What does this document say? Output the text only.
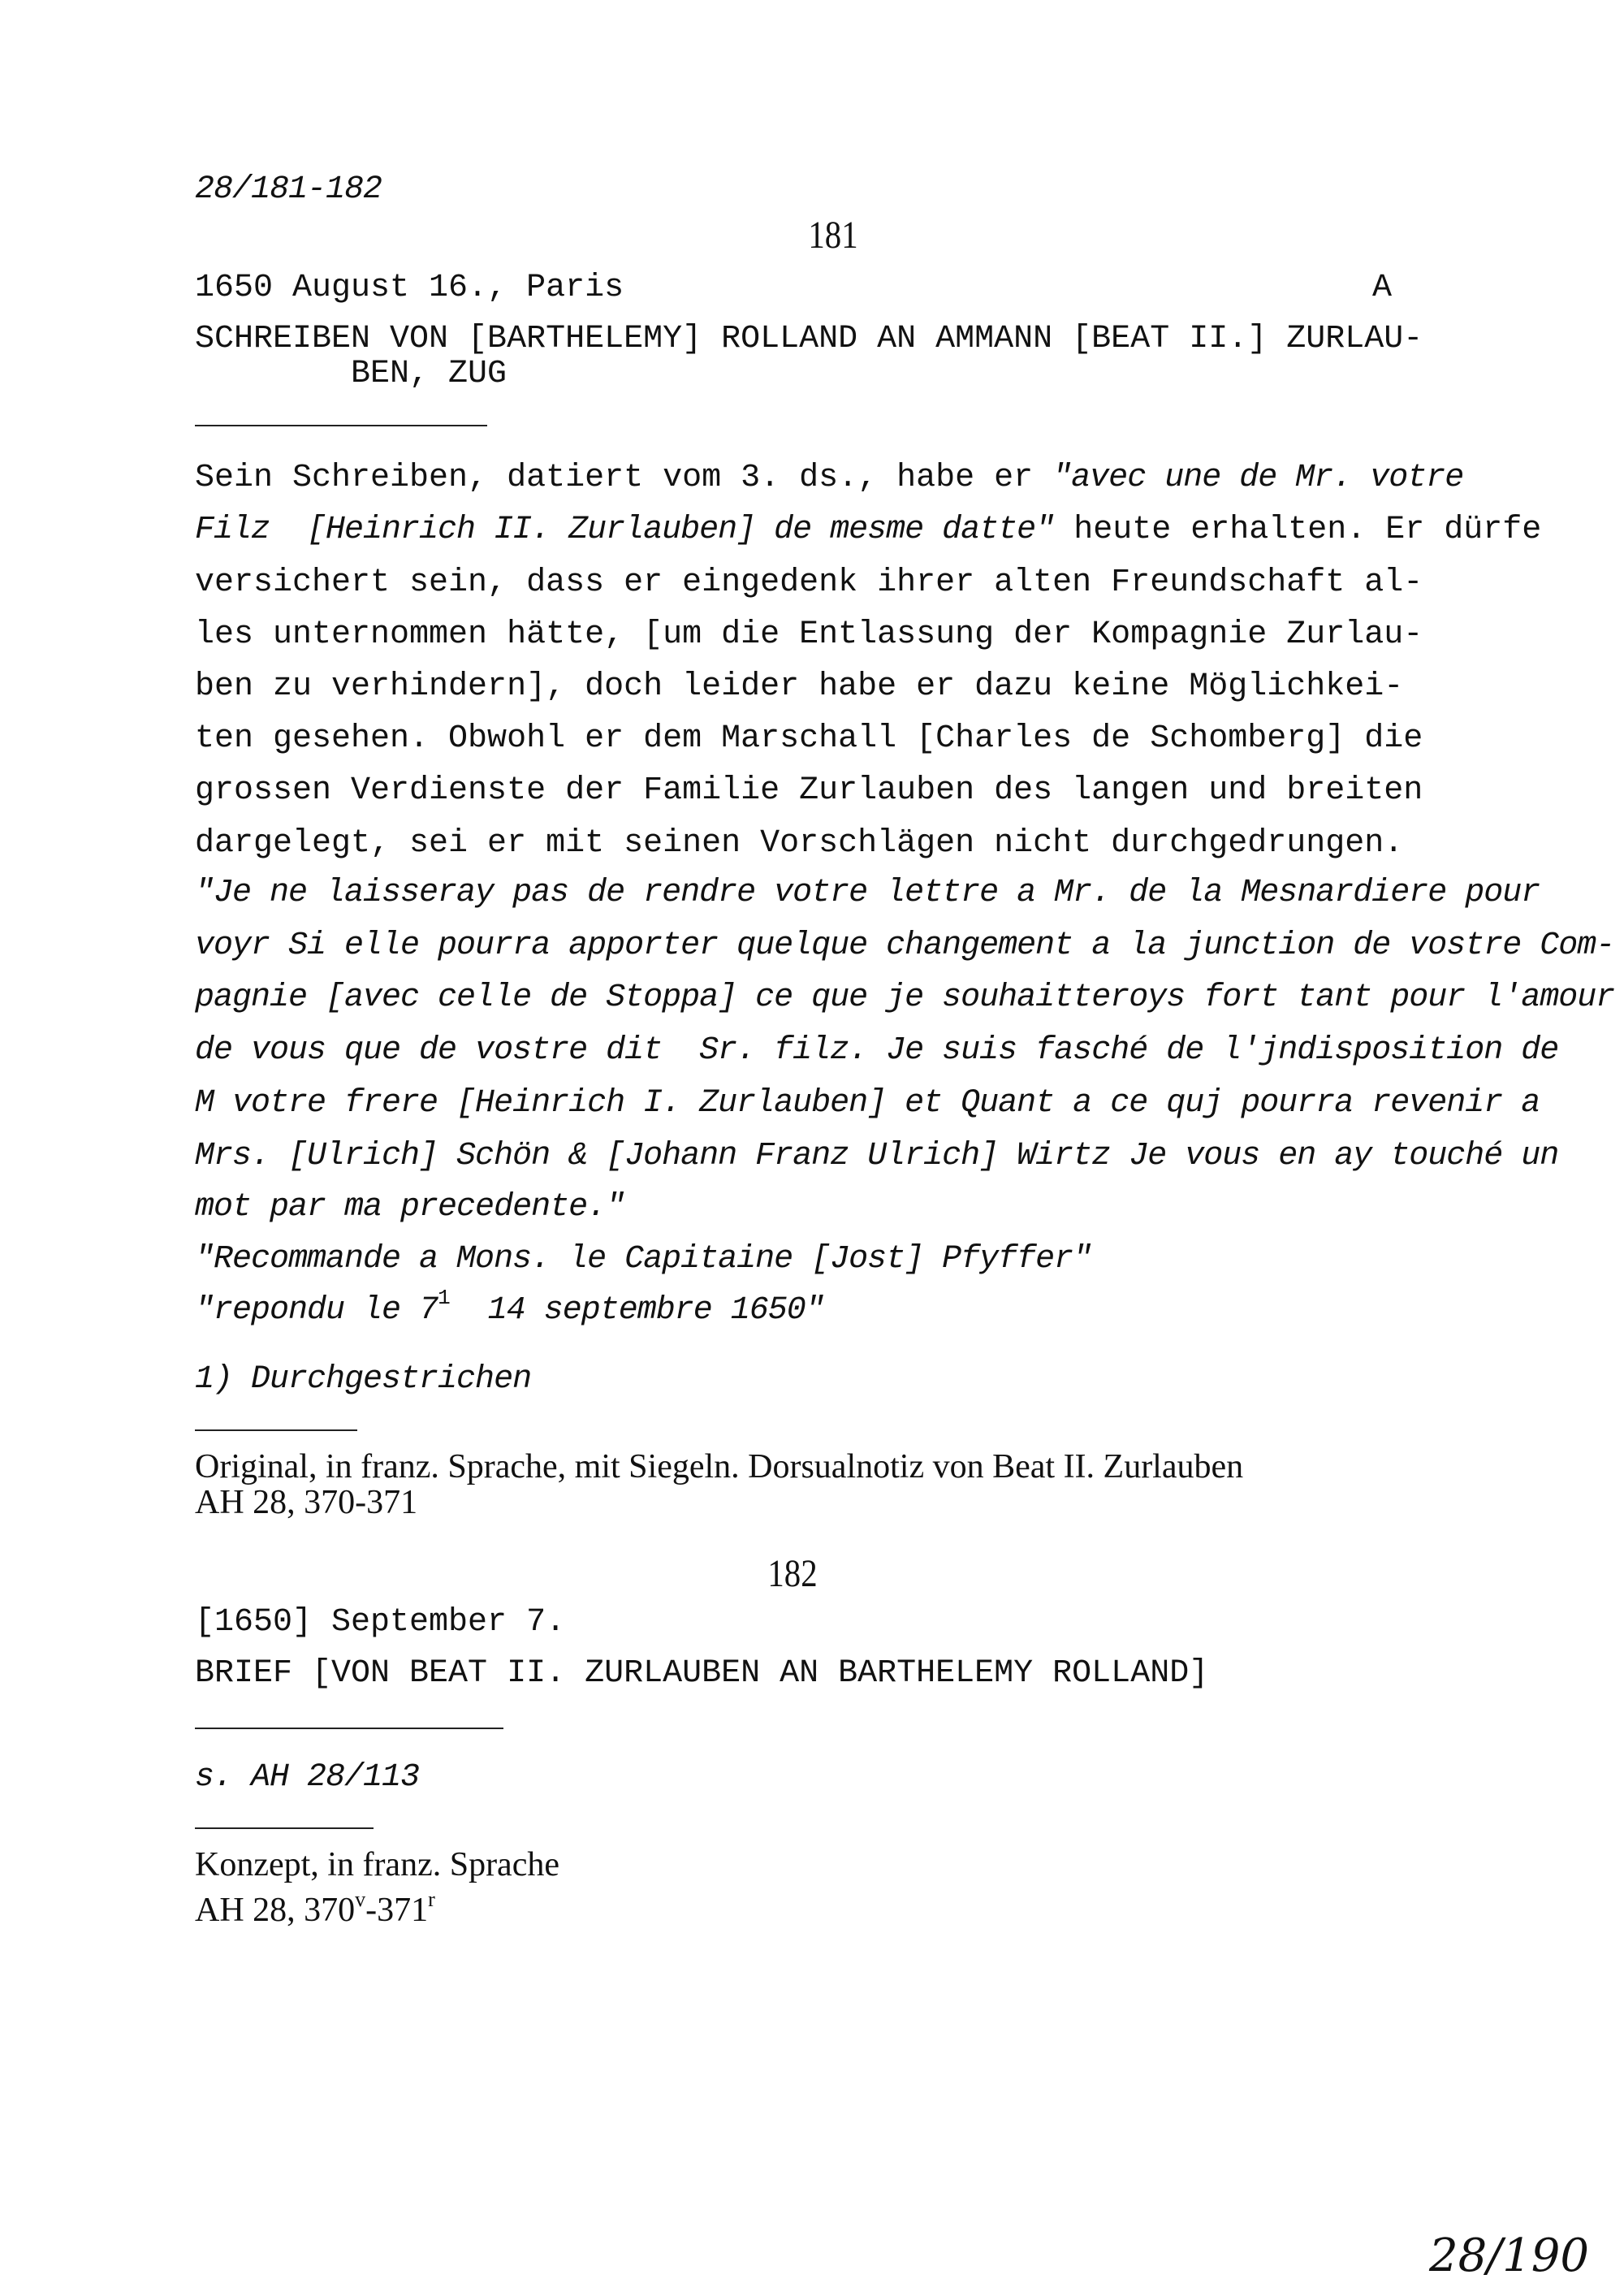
28/181-182
181
1650 August 16., Paris	A
SCHREIBEN VON [BARTHELEMY] ROLLAND AN AMMANN [BEAT II.] ZURLAU-
BEN, ZUG
Sein Schreiben, datiert vom 3. ds., habe er "avec une de Mr. votre
Filz  [Heinrich II. Zurlauben] de mesme datte" heute erhalten. Er dürfe
versichert sein, dass er eingedenk ihrer alten Freundschaft al-
les unternommen hätte, [um die Entlassung der Kompagnie Zurlau-
ben zu verhindern], doch leider habe er dazu keine Möglichkei-
ten gesehen. Obwohl er dem Marschall [Charles de Schomberg] die
grossen Verdienste der Familie Zurlauben des langen und breiten
dargelegt, sei er mit seinen Vorschlägen nicht durchgedrungen.
"Je ne laisseray pas de rendre votre lettre a Mr. de la Mesnardiere pour
voyr Si elle pourra apporter quelque changement a la junction de vostre Com-
pagnie [avec celle de Stoppa] ce que je souhaitteroys fort tant pour l'amour
de vous que de vostre dit  Sr. filz. Je suis fasché de l'jndisposition de
M votre frere [Heinrich I. Zurlauben] et Quant a ce quj pourra revenir a
Mrs. [Ulrich] Schön & [Johann Franz Ulrich] Wirtz Je vous en ay touché un
mot par ma precedente."
"Recommande a Mons. le Capitaine [Jost] Pfyffer"
"repondu le $7^1$  14 septembre 1650"
1) Durchgestrichen
Original, in franz. Sprache, mit Siegeln. Dorsualnotiz von Beat II. Zurlauben
AH 28, 370-371
182
[1650] September 7.
BRIEF [VON BEAT II. ZURLAUBEN AN BARTHELEMY ROLLAND]
s. AH 28/113
Konzept, in franz. Sprache
AH 28, 370$^v$-371$^r$
28/190
